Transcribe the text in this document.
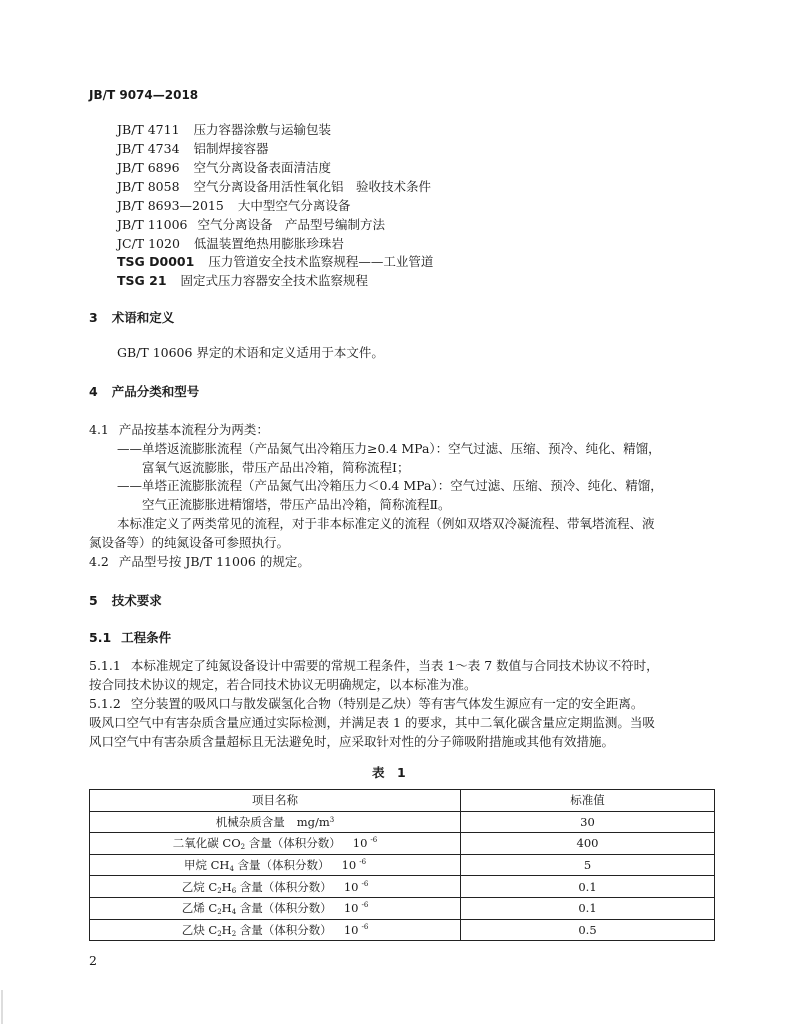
JB/T 9074—2018
JB/T 4711 压力容器涂敷与运输包装
JB/T 4734 铝制焊接容器
JB/T 6896 空气分离设备表面清洁度
JB/T 8058 空气分离设备用活性氧化铝　验收技术条件
JB/T 8693—2015 大中型空气分离设备
JB/T 11006 空气分离设备　产品型号编制方法
JC/T 1020 低温装置绝热用膨胀珍珠岩
TSG D0001 压力管道安全技术监察规程——工业管道
TSG 21 固定式压力容器安全技术监察规程
3 术语和定义
GB/T 10606 界定的术语和定义适用于本文件。
4 产品分类和型号
4.1 产品按基本流程分为两类：
——单塔返流膨胀流程（产品氮气出冷箱压力≥0.4 MPa）：空气过滤、压缩、预冷、纯化、精馏，
富氧气返流膨胀，带压产品出冷箱，简称流程Ⅰ；
——单塔正流膨胀流程（产品氮气出冷箱压力＜0.4 MPa）：空气过滤、压缩、预冷、纯化、精馏，
空气正流膨胀进精馏塔，带压产品出冷箱，简称流程Ⅱ。
本标准定义了两类常见的流程，对于非本标准定义的流程（例如双塔双冷凝流程、带氧塔流程、液
氮设备等）的纯氮设备可参照执行。
4.2 产品型号按 JB/T 11006 的规定。
5 技术要求
5.1 工程条件
5.1.1 本标准规定了纯氮设备设计中需要的常规工程条件，当表 1～表 7 数值与合同技术协议不符时，
按合同技术协议的规定，若合同技术协议无明确规定，以本标准为准。
5.1.2 空分装置的吸风口与散发碳氢化合物（特别是乙炔）等有害气体发生源应有一定的安全距离。
吸风口空气中有害杂质含量应通过实际检测，并满足表 1 的要求，其中二氧化碳含量应定期监测。当吸
风口空气中有害杂质含量超标且无法避免时，应采取针对性的分子筛吸附措施或其他有效措施。
表　1
项目名称	标准值
机械杂质含量 $mg/m^3$	30
二氧化碳 $CO_2$ 含量（体积分数） 10 $^{-6}$	400
甲烷 $CH_4$ 含量（体积分数） 10 $^{-6}$	5
乙烷 $C_2H_6$ 含量（体积分数） 10 $^{-6}$	0.1
乙烯 $C_2H_4$ 含量（体积分数） 10 $^{-6}$	0.1
乙炔 $C_2H_2$ 含量（体积分数） 10 $^{-6}$	0.5
2
